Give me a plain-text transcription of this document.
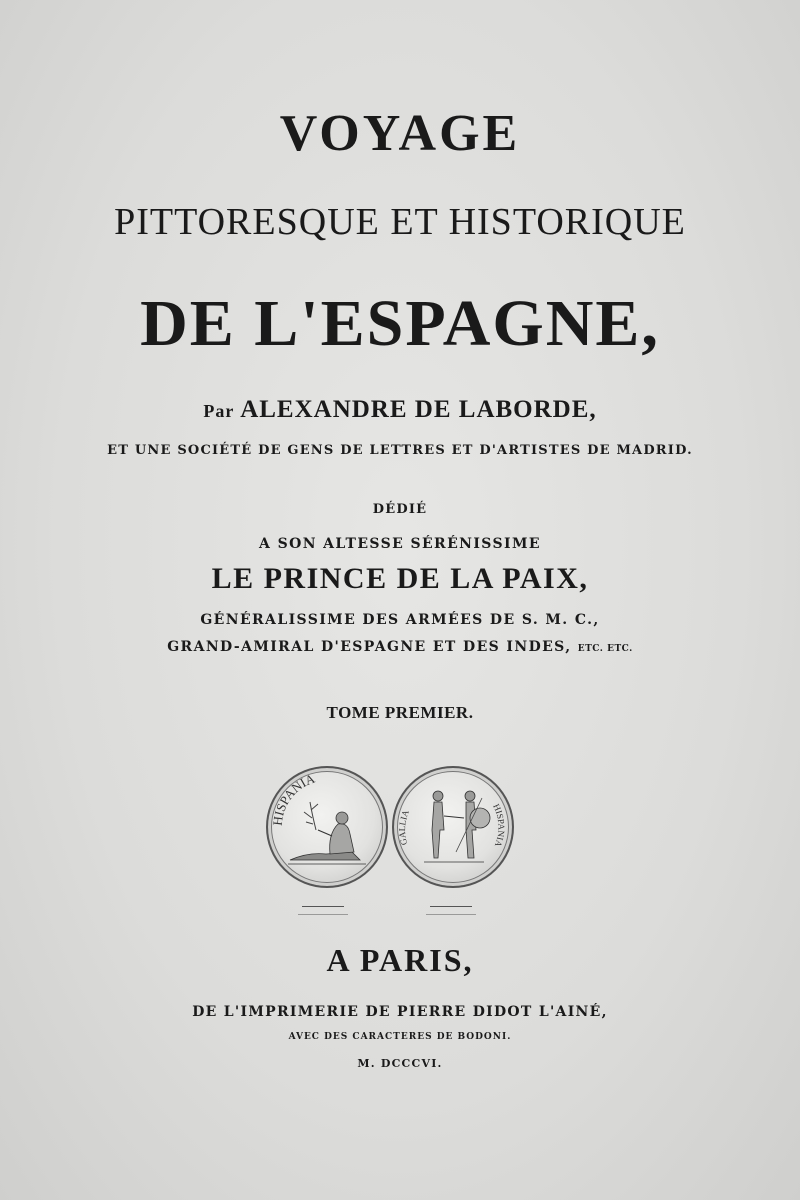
VOYAGE
PITTORESQUE ET HISTORIQUE
DE L'ESPAGNE,
Par ALEXANDRE DE LABORDE,
ET UNE SOCIÉTÉ DE GENS DE LETTRES ET D'ARTISTES DE MADRID.
DÉDIÉ
A SON ALTESSE SÉRÉNISSIME
LE PRINCE DE LA PAIX,
GÉNÉRALISSIME DES ARMÉES DE S. M. C.,
GRAND-AMIRAL D'ESPAGNE ET DES INDES, ETC. ETC.
TOME PREMIER.
HISPANIA
GALLIA
HISPANIA
A PARIS,
DE L'IMPRIMERIE DE PIERRE DIDOT L'AINÉ,
AVEC DES CARACTERES DE BODONI.
M. DCCCVI.
